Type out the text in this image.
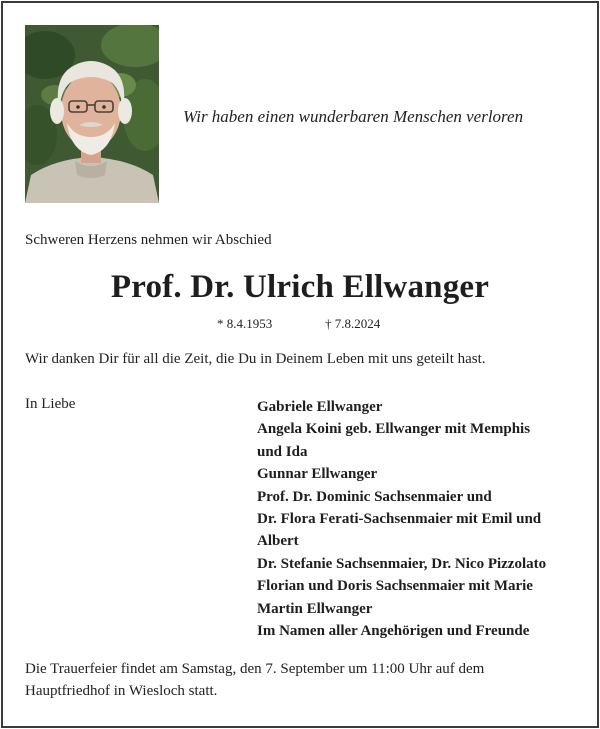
Wir haben einen wunderbaren Menschen verloren
Schweren Herzens nehmen wir Abschied
Prof. Dr. Ulrich Ellwanger
* 8.4.1953	† 7.8.2024
Wir danken Dir für all die Zeit, die Du in Deinem Leben mit uns geteilt hast.
In Liebe	Gabriele Ellwanger
Angela Koini geb. Ellwanger mit Memphis
und Ida
Gunnar Ellwanger
Prof. Dr. Dominic Sachsenmaier und
Dr. Flora Ferati-Sachsenmaier mit Emil und
Albert
Dr. Stefanie Sachsenmaier, Dr. Nico Pizzolato
Florian und Doris Sachsenmaier mit Marie
Martin Ellwanger
Im Namen aller Angehörigen und Freunde
Die Trauerfeier findet am Samstag, den 7. September um 11:00 Uhr auf dem
Hauptfriedhof in Wiesloch statt.
